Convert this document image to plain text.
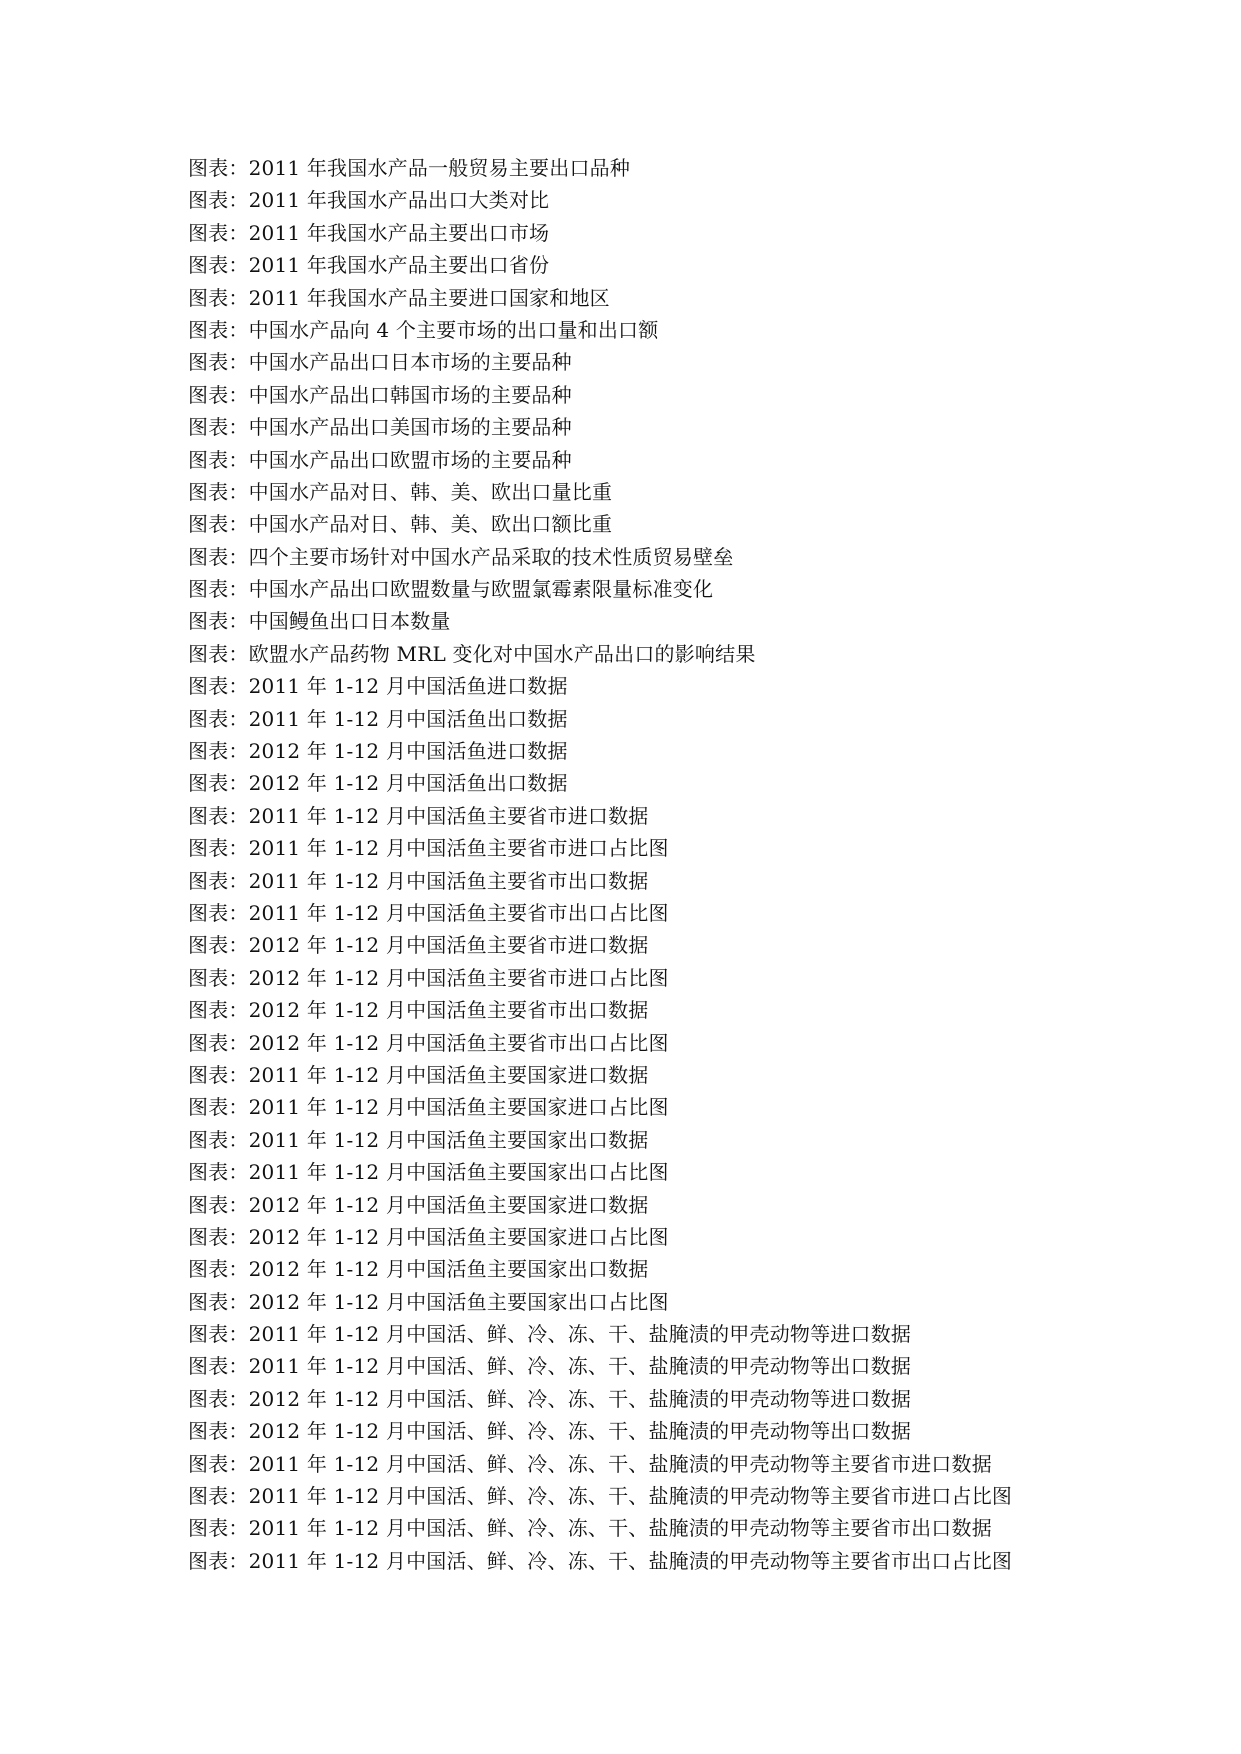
图表：2011 年我国水产品一般贸易主要出口品种
图表：2011 年我国水产品出口大类对比
图表：2011 年我国水产品主要出口市场
图表：2011 年我国水产品主要出口省份
图表：2011 年我国水产品主要进口国家和地区
图表：中国水产品向 4 个主要市场的出口量和出口额
图表：中国水产品出口日本市场的主要品种
图表：中国水产品出口韩国市场的主要品种
图表：中国水产品出口美国市场的主要品种
图表：中国水产品出口欧盟市场的主要品种
图表：中国水产品对日、韩、美、欧出口量比重
图表：中国水产品对日、韩、美、欧出口额比重
图表：四个主要市场针对中国水产品采取的技术性质贸易壁垒
图表：中国水产品出口欧盟数量与欧盟氯霉素限量标准变化
图表：中国鳗鱼出口日本数量
图表：欧盟水产品药物 MRL 变化对中国水产品出口的影响结果
图表：2011 年 1-12 月中国活鱼进口数据
图表：2011 年 1-12 月中国活鱼出口数据
图表：2012 年 1-12 月中国活鱼进口数据
图表：2012 年 1-12 月中国活鱼出口数据
图表：2011 年 1-12 月中国活鱼主要省市进口数据
图表：2011 年 1-12 月中国活鱼主要省市进口占比图
图表：2011 年 1-12 月中国活鱼主要省市出口数据
图表：2011 年 1-12 月中国活鱼主要省市出口占比图
图表：2012 年 1-12 月中国活鱼主要省市进口数据
图表：2012 年 1-12 月中国活鱼主要省市进口占比图
图表：2012 年 1-12 月中国活鱼主要省市出口数据
图表：2012 年 1-12 月中国活鱼主要省市出口占比图
图表：2011 年 1-12 月中国活鱼主要国家进口数据
图表：2011 年 1-12 月中国活鱼主要国家进口占比图
图表：2011 年 1-12 月中国活鱼主要国家出口数据
图表：2011 年 1-12 月中国活鱼主要国家出口占比图
图表：2012 年 1-12 月中国活鱼主要国家进口数据
图表：2012 年 1-12 月中国活鱼主要国家进口占比图
图表：2012 年 1-12 月中国活鱼主要国家出口数据
图表：2012 年 1-12 月中国活鱼主要国家出口占比图
图表：2011 年 1-12 月中国活、鲜、冷、冻、干、盐腌渍的甲壳动物等进口数据
图表：2011 年 1-12 月中国活、鲜、冷、冻、干、盐腌渍的甲壳动物等出口数据
图表：2012 年 1-12 月中国活、鲜、冷、冻、干、盐腌渍的甲壳动物等进口数据
图表：2012 年 1-12 月中国活、鲜、冷、冻、干、盐腌渍的甲壳动物等出口数据
图表：2011 年 1-12 月中国活、鲜、冷、冻、干、盐腌渍的甲壳动物等主要省市进口数据
图表：2011 年 1-12 月中国活、鲜、冷、冻、干、盐腌渍的甲壳动物等主要省市进口占比图
图表：2011 年 1-12 月中国活、鲜、冷、冻、干、盐腌渍的甲壳动物等主要省市出口数据
图表：2011 年 1-12 月中国活、鲜、冷、冻、干、盐腌渍的甲壳动物等主要省市出口占比图
